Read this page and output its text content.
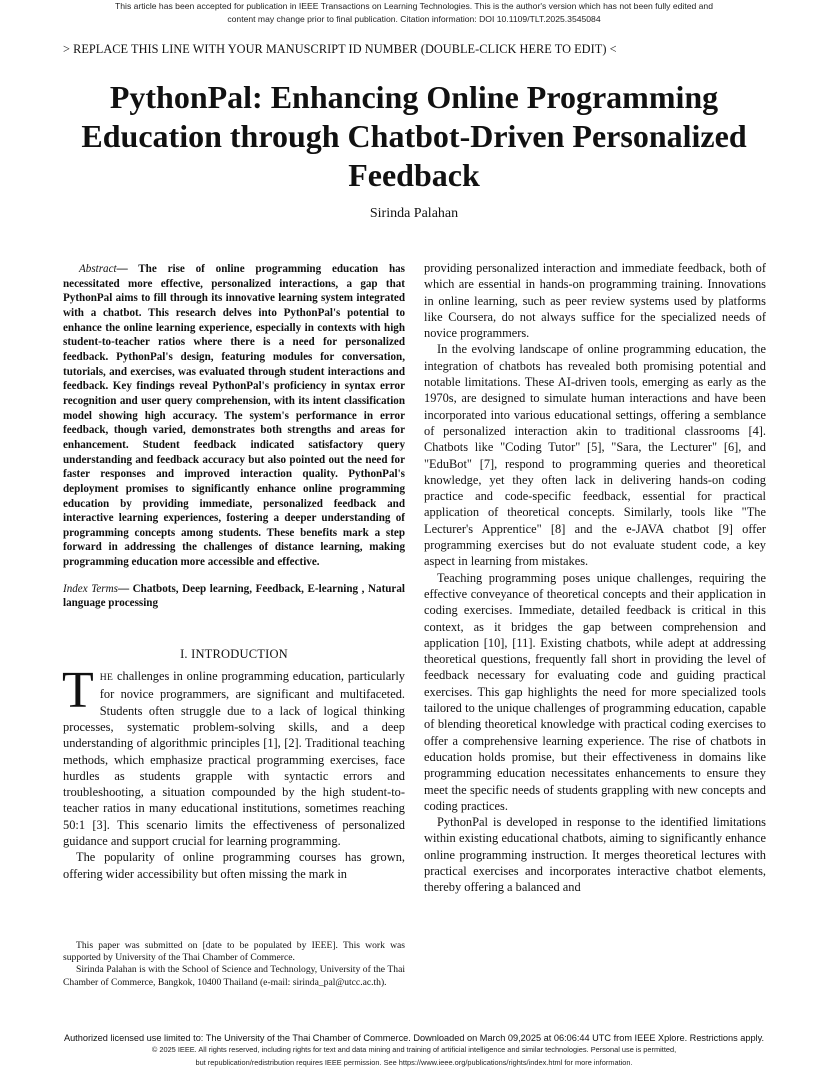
This article has been accepted for publication in IEEE Transactions on Learning Technologies. This is the author's version which has not been fully edited and
content may change prior to final publication. Citation information: DOI 10.1109/TLT.2025.3545084
> REPLACE THIS LINE WITH YOUR MANUSCRIPT ID NUMBER (DOUBLE-CLICK HERE TO EDIT) <
PythonPal: Enhancing Online Programming Education through Chatbot-Driven Personalized Feedback
Sirinda Palahan

Abstract— The rise of online programming education has necessitated more effective, personalized interactions, a gap that PythonPal aims to fill through its innovative learning system integrated with a chatbot. This research delves into PythonPal's potential to enhance the online learning experience, especially in contexts with high student-to-teacher ratios where there is a need for personalized feedback. PythonPal's design, featuring modules for conversation, tutorials, and exercises, was evaluated through student interactions and feedback. Key findings reveal PythonPal's proficiency in syntax error recognition and user query comprehension, with its intent classification model showing high accuracy. The system's performance in error feedback, though varied, demonstrates both strengths and areas for enhancement. Student feedback indicated satisfactory query understanding and feedback accuracy but also pointed out the need for faster responses and improved interaction quality. PythonPal's deployment promises to significantly enhance online programming education by providing immediate, personalized feedback and interactive learning experiences, fostering a deeper understanding of programming concepts among students. These benefits mark a step forward in addressing the challenges of distance learning, making programming education more accessible and effective.

Index Terms— Chatbots, Deep learning, Feedback, E-learning , Natural language processing

I. INTRODUCTION

THE challenges in online programming education, particularly for novice programmers, are significant and multifaceted. Students often struggle due to a lack of logical thinking processes, systematic problem-solving skills, and a deep understanding of algorithmic principles [1], [2]. Traditional teaching methods, which emphasize practical programming exercises, face hurdles as students grapple with syntactic errors and troubleshooting, a situation compounded by the high student-to-teacher ratios in many educational institutions, sometimes reaching 50:1 [3]. This scenario limits the effectiveness of personalized guidance and support crucial for learning programming.

The popularity of online programming courses has grown, offering wider accessibility but often missing the mark in

providing personalized interaction and immediate feedback, both of which are essential in hands-on programming training. Innovations in online learning, such as peer review systems used by platforms like Coursera, do not always suffice for the specialized needs of novice programmers.

In the evolving landscape of online programming education, the integration of chatbots has revealed both promising potential and notable limitations. These AI-driven tools, emerging as early as the 1970s, are designed to simulate human interactions and have been incorporated into various educational settings, offering a semblance of personalized interaction akin to traditional classrooms [4]. Chatbots like "Coding Tutor" [5], "Sara, the Lecturer" [6], and "EduBot" [7], respond to programming queries and theoretical knowledge, yet they often lack in delivering hands-on coding practice and code-specific feedback, essential for practical application of theoretical concepts. Similarly, tools like "The Lecturer's Apprentice" [8] and the e-JAVA chatbot [9] offer programming exercises but do not evaluate student code, a key aspect in learning from mistakes.

Teaching programming poses unique challenges, requiring the effective conveyance of theoretical concepts and their application in coding exercises. Immediate, detailed feedback is critical in this context, as it bridges the gap between comprehension and application [10], [11]. Existing chatbots, while adept at addressing theoretical questions, frequently fall short in providing the level of feedback necessary for evaluating code and guiding practical exercises. This gap highlights the need for more specialized tools tailored to the unique challenges of programming education, capable of blending theoretical knowledge with practical coding exercises to offer a comprehensive learning experience. The rise of chatbots in education holds promise, but their effectiveness in domains like programming education necessitates enhancements to ensure they meet the specific needs of students grappling with new concepts and coding practices.

PythonPal is developed in response to the identified limitations within existing educational chatbots, aiming to significantly enhance online programming instruction. It merges theoretical lectures with practical exercises and incorporates interactive chatbot elements, thereby offering a balanced and

This paper was submitted on [date to be populated by IEEE]. This work was supported by University of the Thai Chamber of Commerce.

Sirinda Palahan is with the School of Science and Technology, University of the Thai Chamber of Commerce, Bangkok, 10400 Thailand (e-mail: sirinda_pal@utcc.ac.th).

Authorized licensed use limited to: The University of the Thai Chamber of Commerce. Downloaded on March 09,2025 at 06:06:44 UTC from IEEE Xplore. Restrictions apply.
© 2025 IEEE. All rights reserved, including rights for text and data mining and training of artificial intelligence and similar technologies. Personal use is permitted,
but republication/redistribution requires IEEE permission. See https://www.ieee.org/publications/rights/index.html for more information.
